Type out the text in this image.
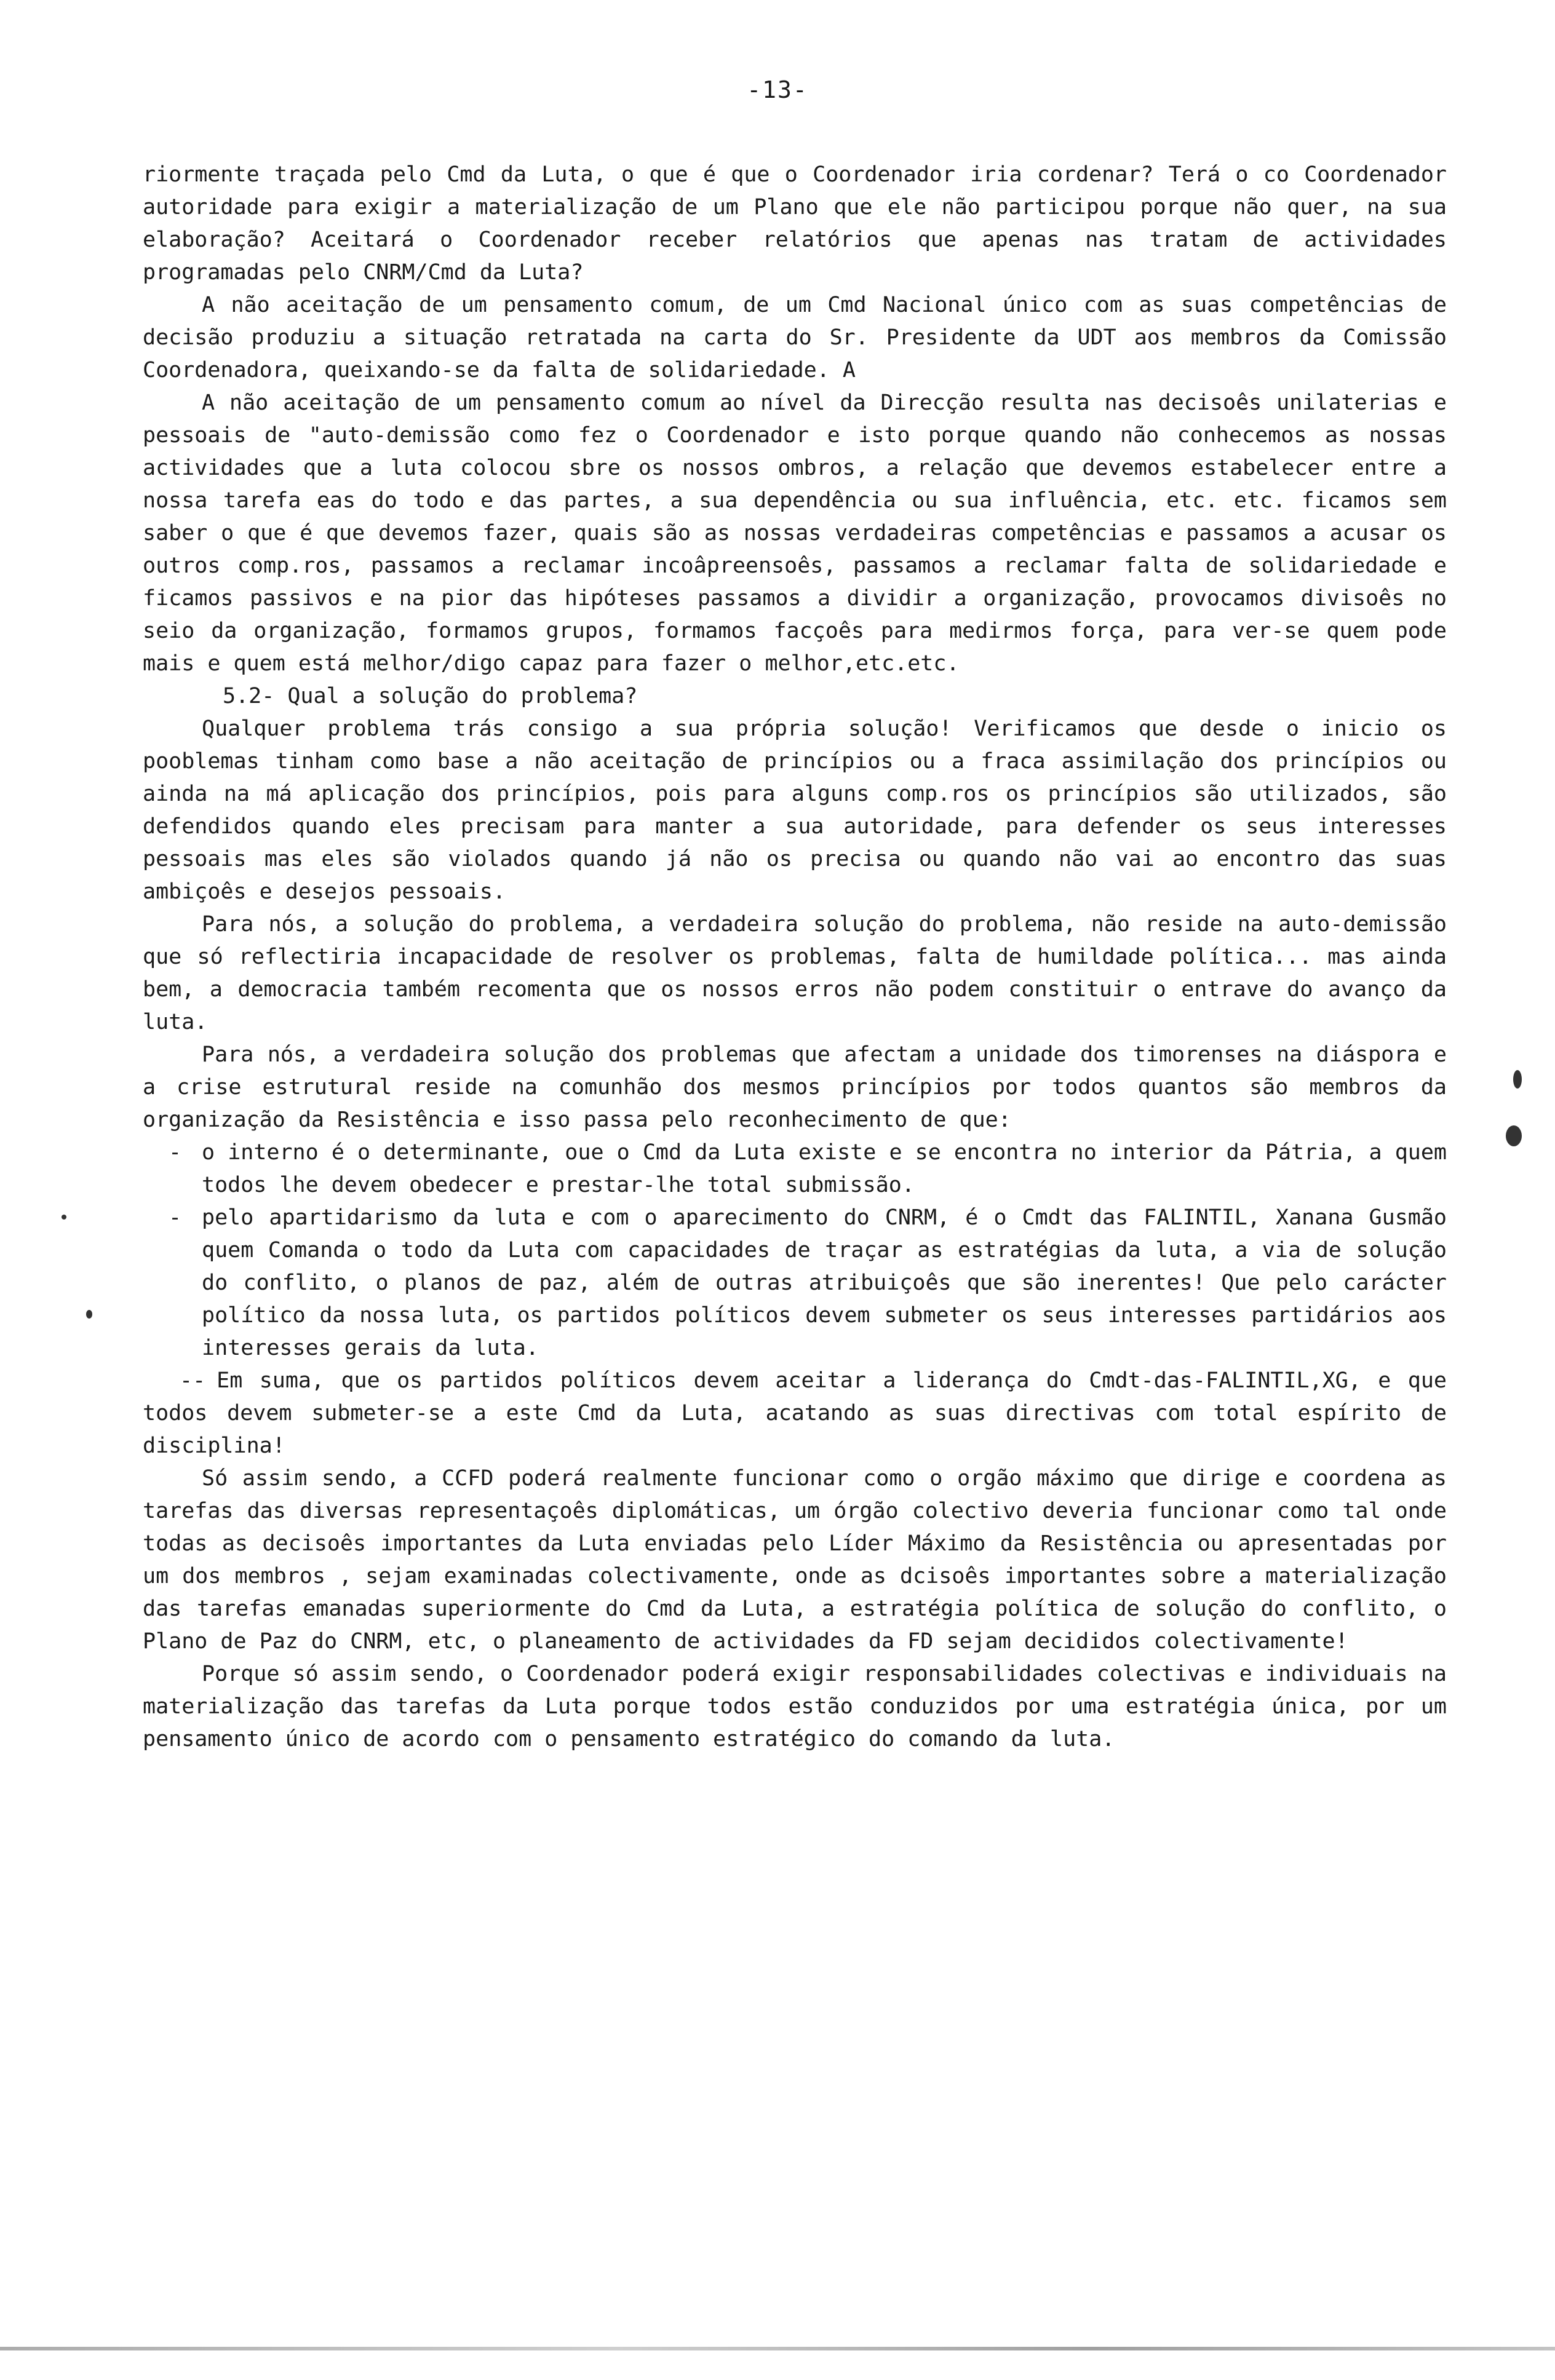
-13-

riormente traçada pelo Cmd da Luta, o que é que o Coordenador iria cordenar? Terá o co Coordenador autoridade para exigir a materialização de um Plano que ele não participou porque não quer, na sua elaboração? Aceitará o Coordenador receber relatórios que apenas nas tratam de actividades programadas pelo CNRM/Cmd da Luta?

A não aceitação de um pensamento comum, de um Cmd Nacional único com as suas competências de decisão produziu a situação retratada na carta do Sr. Presidente da UDT aos membros da Comissão Coordenadora, queixando-se da falta de solidariedade. A

A não aceitação de um pensamento comum ao nível da Direcção resulta nas decisoês unilaterias e pessoais de "auto-demissão como fez o Coordenador e isto porque quando não conhecemos as nossas actividades que a luta colocou sbre os nossos ombros, a relação que devemos estabelecer entre a nossa tarefa eas do todo e das partes, a sua dependência ou sua influência, etc. etc. ficamos sem saber o que é que devemos fazer, quais são as nossas verdadeiras competências e passamos a acusar os outros comp.ros, passamos a reclamar incoâpreensoês, passamos a reclamar falta de solidariedade e ficamos passivos e na pior das hipóteses passamos a dividir a organização, provocamos divisoês no seio da organização, formamos grupos, formamos facçoês para medirmos força, para ver-se quem pode mais e quem está melhor/digo capaz para fazer o melhor,etc.etc.

5.2- Qual a solução do problema?

Qualquer problema trás consigo a sua própria solução! Verificamos que desde o inicio os pooblemas tinham como base a não aceitação de princípios ou a fraca assimilação dos princípios ou ainda na má aplicação dos princípios, pois para alguns comp.ros os princípios são utilizados, são defendidos quando eles precisam para manter a sua autoridade, para defender os seus interesses pessoais mas eles são violados quando já não os precisa ou quando não vai ao encontro das suas ambiçoês e desejos pessoais.

Para nós, a solução do problema, a verdadeira solução do problema, não reside na auto-demissão que só reflectiria incapacidade de resolver os problemas, falta de humildade política... mas ainda bem, a democracia também recomenta que os nossos erros não podem constituir o entrave do avanço da luta.

Para nós, a verdadeira solução dos problemas que afectam a unidade dos timorenses na diáspora e a crise estrutural reside na comunhão dos mesmos princípios por todos quantos são membros da organização da Resistência e isso passa pelo reconhecimento de que:

- o interno é o determinante, oue o Cmd da Luta existe e se encontra no interior da Pátria, a quem todos lhe devem obedecer e prestar-lhe total submissão.
- pelo apartidarismo da luta e com o aparecimento do CNRM, é o Cmdt das FALINTIL, Xanana Gusmão quem Comanda o todo da Luta com capacidades de traçar as estratégias da luta, a via de solução do conflito, o planos de paz, além de outras atribuiçoês que são inerentes! Que pelo carácter político da nossa luta, os partidos políticos devem submeter os seus interesses partidários aos interesses gerais da luta.

-- Em suma, que os partidos políticos devem aceitar a liderança do Cmdt-das-FALINTIL,XG, e que todos devem submeter-se a este Cmd da Luta, acatando as suas directivas com total espírito de disciplina!

Só assim sendo, a CCFD poderá realmente funcionar como o orgão máximo que dirige e coordena as tarefas das diversas representaçoês diplomáticas, um órgão colectivo deveria funcionar como tal onde todas as decisoês importantes da Luta enviadas pelo Líder Máximo da Resistência ou apresentadas por um dos membros , sejam examinadas colectivamente, onde as dcisoês importantes sobre a materialização das tarefas emanadas superiormente do Cmd da Luta, a estratégia política de solução do conflito, o Plano de Paz do CNRM, etc, o planeamento de actividades da FD sejam decididos colectivamente!

Porque só assim sendo, o Coordenador poderá exigir responsabilidades colectivas e individuais na materialização das tarefas da Luta porque todos estão conduzidos por uma estratégia única, por um pensamento único de acordo com o pensamento estratégico do comando da luta.
